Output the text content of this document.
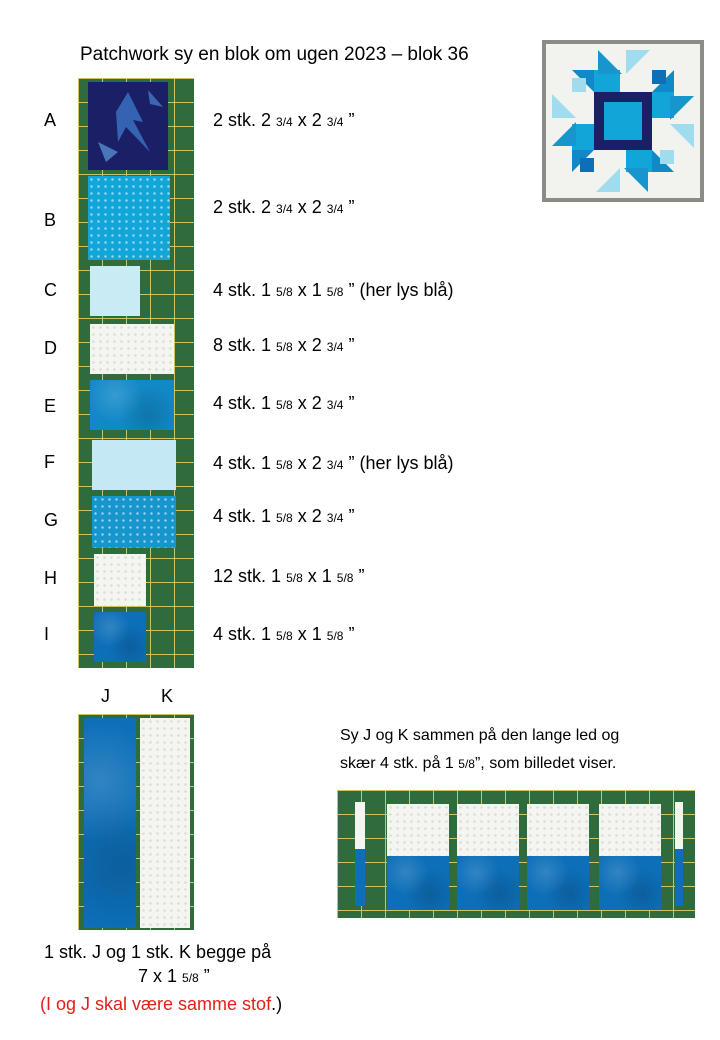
Patchwork sy en blok om ugen 2023 – blok 36
A
B
C
D
E
F
G
H
I
2 stk. 2 3/4 x 2 3/4 ”
2 stk. 2 3/4 x 2 3/4 ”
4 stk. 1 5/8 x 1 5/8 ” (her lys blå)
8 stk. 1 5/8 x 2 3/4 ”
4 stk. 1 5/8 x 2 3/4 ”
4 stk. 1 5/8 x 2 3/4 ” (her lys blå)
4 stk. 1 5/8 x 2 3/4 ”
12 stk. 1 5/8 x 1 5/8 ”
4 stk. 1 5/8 x 1 5/8 ”
J	K
1 stk. J og 1 stk. K begge på
7 x 1 5/8 ”
(I og J skal være samme stof.)
Sy J og K sammen på den lange led og
skær 4 stk. på 1 5/8”, som billedet viser.
